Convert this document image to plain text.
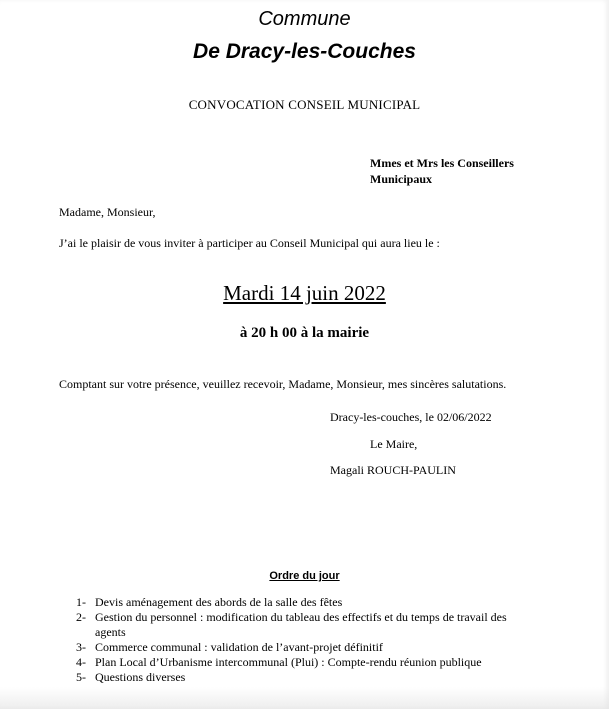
Commune
De Dracy-les-Couches
CONVOCATION CONSEIL MUNICIPAL
Mmes et Mrs les Conseillers
Municipaux
Madame, Monsieur,
J’ai le plaisir de vous inviter à participer au Conseil Municipal qui aura lieu le :
Mardi 14 juin 2022
à 20 h 00 à la mairie
Comptant sur votre présence, veuillez recevoir, Madame, Monsieur, mes sincères salutations.
Dracy-les-couches, le 02/06/2022
Le Maire,
Magali ROUCH-PAULIN
Ordre du jour
1- Devis aménagement des abords de la salle des fêtes
2- Gestion du personnel : modification du tableau des effectifs et du temps de travail des agents
3- Commerce communal : validation de l’avant-projet définitif
4- Plan Local d’Urbanisme intercommunal (Plui) : Compte-rendu réunion publique
5- Questions diverses
